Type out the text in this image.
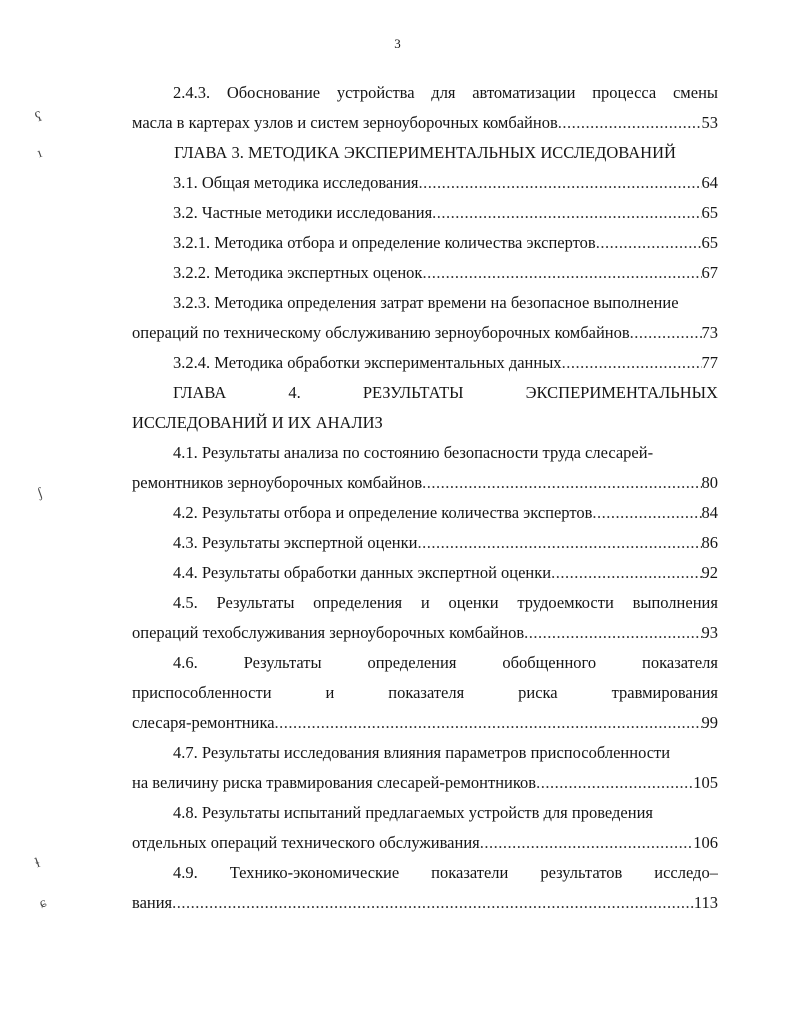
3
ʕ
ı
ʃ
ɬ
ɕ
2.4.3. Обоснование устройства для автоматизации процесса смены
масла в картерах узлов и систем зерноуборочных комбайнов .....	53
ГЛАВА 3. МЕТОДИКА ЭКСПЕРИМЕНТАЛЬНЫХ ИССЛЕДОВАНИЙ
3.1. Общая методика исследования .....	64
3.2. Частные методики исследования .....	65
3.2.1. Методика отбора и определение количества экспертов .....	65
3.2.2. Методика экспертных оценок .....	67
3.2.3. Методика определения затрат времени на безопасное выполнение
операций по техническому обслуживанию зерноуборочных комбайнов .....	73
3.2.4. Методика обработки экспериментальных данных .....	77
ГЛАВА	4.	РЕЗУЛЬТАТЫ	ЭКСПЕРИМЕНТАЛЬНЫХ
ИССЛЕДОВАНИЙ И ИХ АНАЛИЗ
4.1. Результаты анализа по состоянию безопасности труда слесарей-
ремонтников зерноуборочных комбайнов .....	80
4.2. Результаты отбора и определение количества экспертов .....	84
4.3. Результаты экспертной оценки .....	86
4.4. Результаты обработки данных экспертной оценки .....	92
4.5. Результаты определения и оценки трудоемкости выполнения
операций техобслуживания зерноуборочных комбайнов .....	93
4.6.	Результаты	определения	обобщенного	показателя
приспособленности	и	показателя	риска	травмирования
слесаря-ремонтника .....	99
4.7. Результаты исследования влияния параметров приспособленности
на величину риска травмирования слесарей-ремонтников .....	105
4.8. Результаты испытаний предлагаемых устройств для проведения
отдельных операций технического обслуживания .....	106
4.9. Технико-экономические показатели результатов исследо–
вания .....	113
